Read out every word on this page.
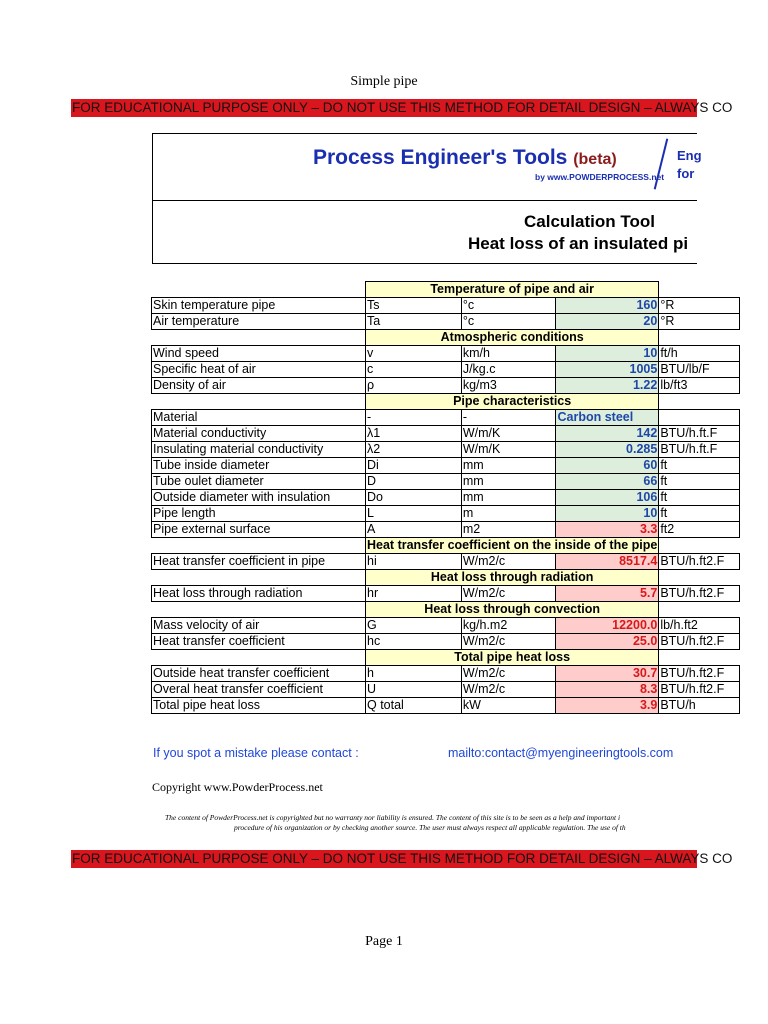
Simple pipe
FOR EDUCATIONAL PURPOSE ONLY – DO NOT USE THIS METHOD FOR DETAIL DESIGN – ALWAYS CO
Process Engineer's Tools (beta)
by www.POWDERPROCESS.net
Eng
for
Calculation Tool
Heat loss of an insulated pi
	Temperature of pipe and air			
Skin temperature pipe	Ts	°c	160	°R
Air temperature	Ta	°c	20	°R
	Atmospheric conditions			
Wind speed	v	km/h	10	ft/h
Specific heat of air	c	J/kg.c	1005	BTU/lb/F
Density of air	ρ	kg/m3	1.22	lb/ft3
	Pipe characteristics			
Material	-	-	Carbon steel	
Material conductivity	λ1	W/m/K	142	BTU/h.ft.F
Insulating material conductivity	λ2	W/m/K	0.285	BTU/h.ft.F
Tube inside diameter	Di	mm	60	ft
Tube oulet diameter	D	mm	66	ft
Outside diameter with insulation	Do	mm	106	ft
Pipe length	L	m	10	ft
Pipe external surface	A	m2	3.3	ft2
	Heat transfer coefficient on the inside of the pipe			
Heat transfer coefficient in pipe	hi	W/m2/c	8517.4	BTU/h.ft2.F
	Heat loss through radiation			
Heat loss through radiation	hr	W/m2/c	5.7	BTU/h.ft2.F
	Heat loss through convection			
Mass velocity of air	G	kg/h.m2	12200.0	lb/h.ft2
Heat transfer coefficient	hc	W/m2/c	25.0	BTU/h.ft2.F
	Total pipe heat loss			
Outside heat transfer coefficient	h	W/m2/c	30.7	BTU/h.ft2.F
Overal heat transfer coefficient	U	W/m2/c	8.3	BTU/h.ft2.F
Total pipe heat loss	Q total	kW	3.9	BTU/h
If you spot a mistake please contact :	mailto:contact@myengineeringtools.com
Copyright www.PowderProcess.net
The content of PowderProcess.net is copyrighted but no warranty nor liability is ensured. The content of this site is to be seen as a help and important i
procedure of his organization or by checking another source. The user must always respect all applicable regulation. The use of th
FOR EDUCATIONAL PURPOSE ONLY – DO NOT USE THIS METHOD FOR DETAIL DESIGN – ALWAYS CO
Page 1
